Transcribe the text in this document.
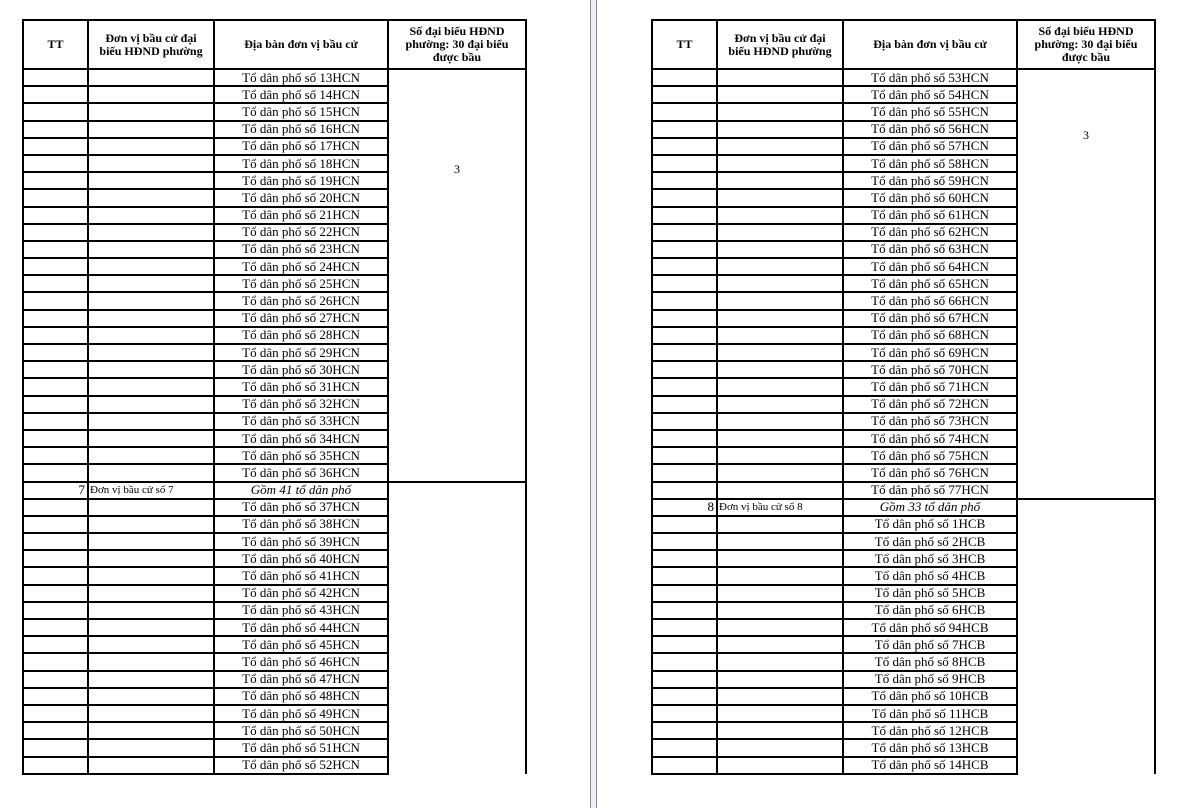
TT	Đơn vị bầu cử đại biểu HĐND phường	Địa bàn đơn vị bầu cử	Số đại biểu HĐND phường: 30 đại biểu được bầu
		Tổ dân phố số 13HCN	3

		Tổ dân phố số 14HCN	
		Tổ dân phố số 15HCN	
		Tổ dân phố số 16HCN	
		Tổ dân phố số 17HCN	
		Tổ dân phố số 18HCN	
		Tổ dân phố số 19HCN	
		Tổ dân phố số 20HCN	
		Tổ dân phố số 21HCN	
		Tổ dân phố số 22HCN	
		Tổ dân phố số 23HCN	
		Tổ dân phố số 24HCN	
		Tổ dân phố số 25HCN	
		Tổ dân phố số 26HCN	
		Tổ dân phố số 27HCN	
		Tổ dân phố số 28HCN	
		Tổ dân phố số 29HCN	
		Tổ dân phố số 30HCN	
		Tổ dân phố số 31HCN	
		Tổ dân phố số 32HCN	
		Tổ dân phố số 33HCN	
		Tổ dân phố số 34HCN	
		Tổ dân phố số 35HCN	
		Tổ dân phố số 36HCN	
7	Đơn vị bầu cử số 7	Gồm 41 tổ dân phố	
		Tổ dân phố số 37HCN	
		Tổ dân phố số 38HCN	
		Tổ dân phố số 39HCN	
		Tổ dân phố số 40HCN	
		Tổ dân phố số 41HCN	
		Tổ dân phố số 42HCN	
		Tổ dân phố số 43HCN	
		Tổ dân phố số 44HCN	
		Tổ dân phố số 45HCN	
		Tổ dân phố số 46HCN	
		Tổ dân phố số 47HCN	
		Tổ dân phố số 48HCN	
		Tổ dân phố số 49HCN	
		Tổ dân phố số 50HCN	
		Tổ dân phố số 51HCN	
		Tổ dân phố số 52HCN	
TT	Đơn vị bầu cử đại biểu HĐND phường	Địa bàn đơn vị bầu cử	Số đại biểu HĐND phường: 30 đại biểu được bầu
		Tổ dân phố số 53HCN	3

		Tổ dân phố số 54HCN	
		Tổ dân phố số 55HCN	
		Tổ dân phố số 56HCN	
		Tổ dân phố số 57HCN	
		Tổ dân phố số 58HCN	
		Tổ dân phố số 59HCN	
		Tổ dân phố số 60HCN	
		Tổ dân phố số 61HCN	
		Tổ dân phố số 62HCN	
		Tổ dân phố số 63HCN	
		Tổ dân phố số 64HCN	
		Tổ dân phố số 65HCN	
		Tổ dân phố số 66HCN	
		Tổ dân phố số 67HCN	
		Tổ dân phố số 68HCN	
		Tổ dân phố số 69HCN	
		Tổ dân phố số 70HCN	
		Tổ dân phố số 71HCN	
		Tổ dân phố số 72HCN	
		Tổ dân phố số 73HCN	
		Tổ dân phố số 74HCN	
		Tổ dân phố số 75HCN	
		Tổ dân phố số 76HCN	
		Tổ dân phố số 77HCN	
8	Đơn vị bầu cử số 8	Gồm 33 tổ dân phố	
		Tổ dân phố số 1HCB	
		Tổ dân phố số 2HCB	
		Tổ dân phố số 3HCB	
		Tổ dân phố số 4HCB	
		Tổ dân phố số 5HCB	
		Tổ dân phố số 6HCB	
		Tổ dân phố số 94HCB	
		Tổ dân phố số 7HCB	
		Tổ dân phố số 8HCB	
		Tổ dân phố số 9HCB	
		Tổ dân phố số 10HCB	
		Tổ dân phố số 11HCB	
		Tổ dân phố số 12HCB	
		Tổ dân phố số 13HCB	
		Tổ dân phố số 14HCB	
